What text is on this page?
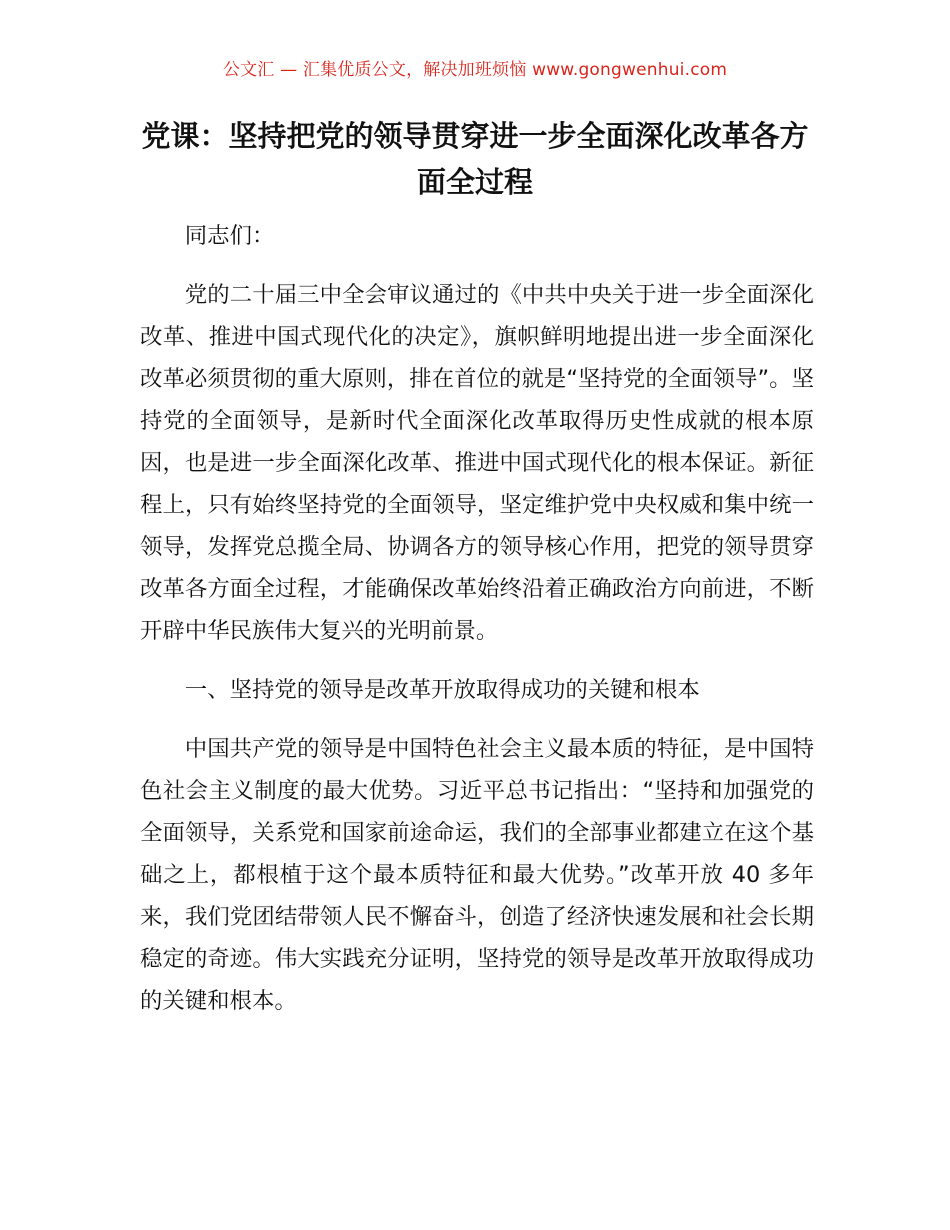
公文汇 — 汇集优质公文，解决加班烦恼 www.gongwenhui.com
党课：坚持把党的领导贯穿进一步全面深化改革各方面全过程

同志们：

党的二十届三中全会审议通过的《中共中央关于进一步全面深化改革、推进中国式现代化的决定》，旗帜鲜明地提出进一步全面深化改革必须贯彻的重大原则，排在首位的就是“坚持党的全面领导”。坚持党的全面领导，是新时代全面深化改革取得历史性成就的根本原因，也是进一步全面深化改革、推进中国式现代化的根本保证。新征程上，只有始终坚持党的全面领导，坚定维护党中央权威和集中统一领导，发挥党总揽全局、协调各方的领导核心作用，把党的领导贯穿改革各方面全过程，才能确保改革始终沿着正确政治方向前进，不断开辟中华民族伟大复兴的光明前景。

一、坚持党的领导是改革开放取得成功的关键和根本

中国共产党的领导是中国特色社会主义最本质的特征，是中国特色社会主义制度的最大优势。习近平总书记指出：“坚持和加强党的全面领导，关系党和国家前途命运，我们的全部事业都建立在这个基础之上，都根植于这个最本质特征和最大优势。”改革开放 40 多年来，我们党团结带领人民不懈奋斗，创造了经济快速发展和社会长期稳定的奇迹。伟大实践充分证明，坚持党的领导是改革开放取得成功的关键和根本。
